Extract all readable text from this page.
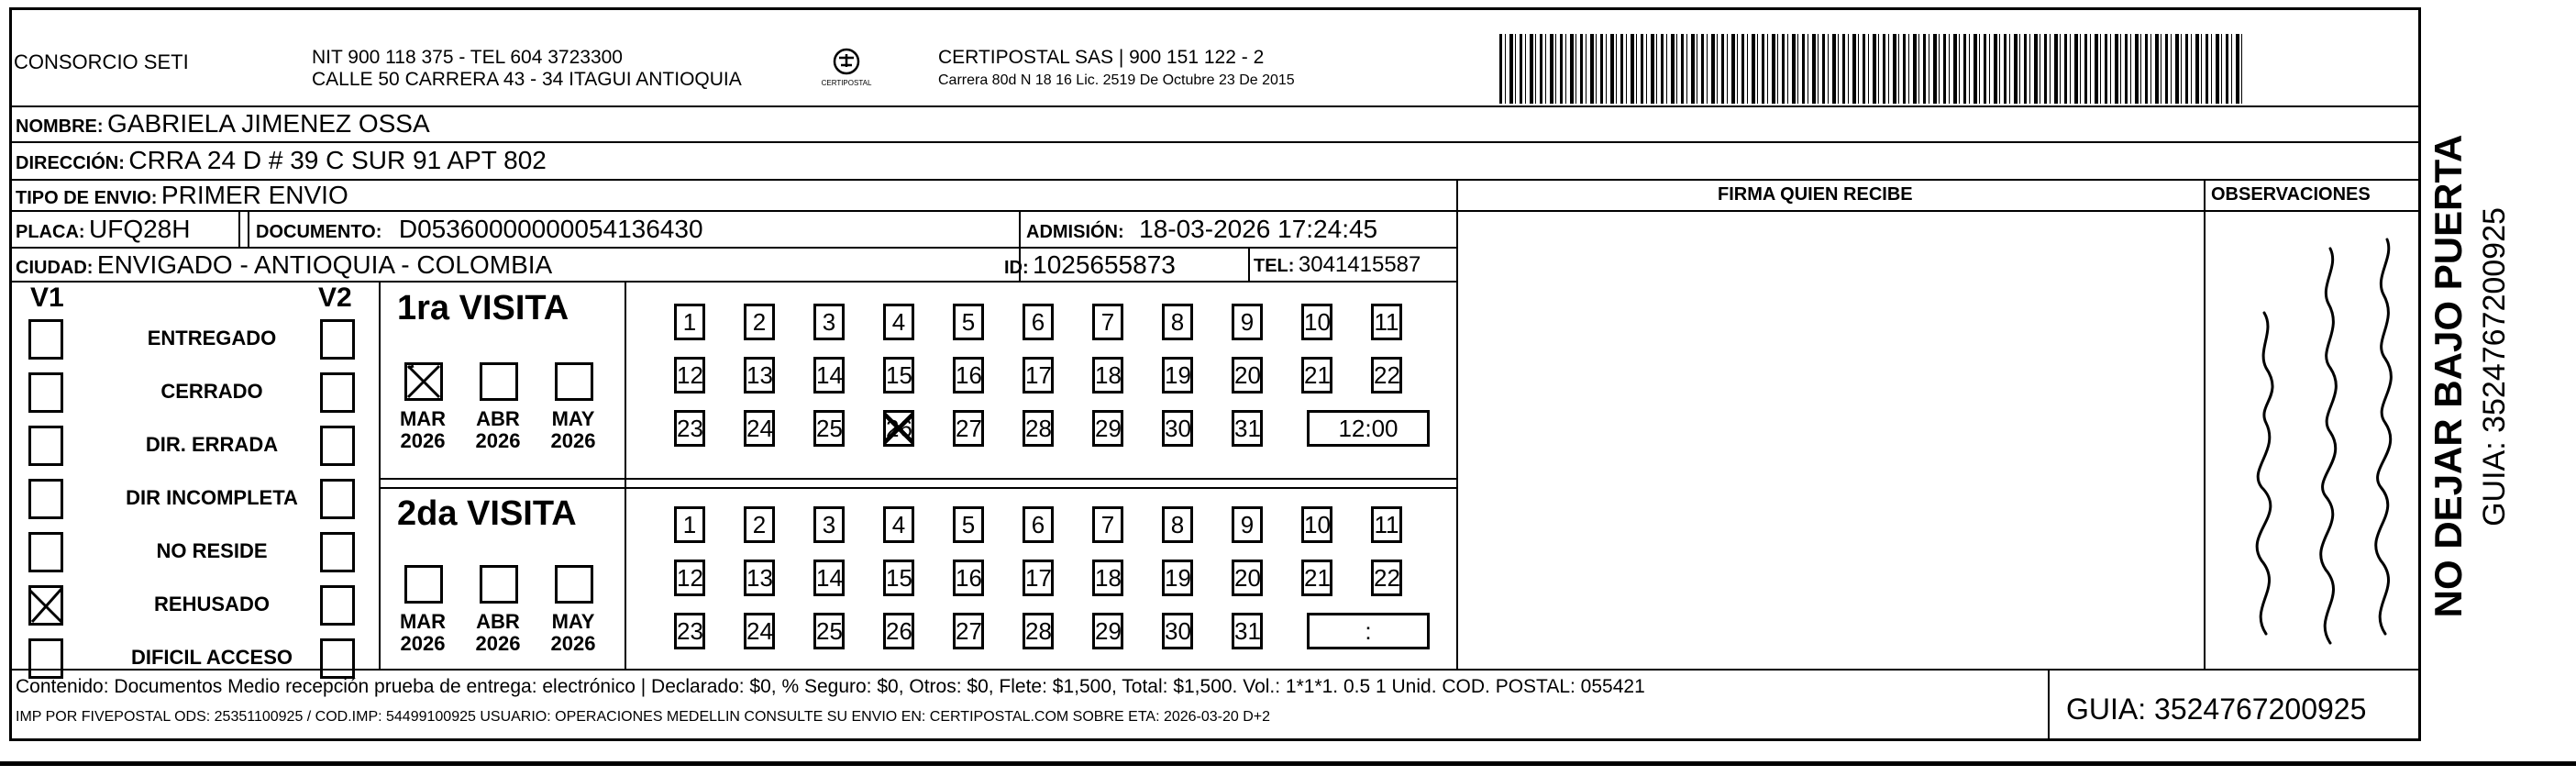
CONSORCIO SETI	NIT 900 118 375 - TEL 604 3723300
CALLE 50 CARRERA 43 - 34 ITAGUI ANTIOQUIA	CERTIPOSTAL
CERTIPOSTAL SAS | 900 151 122 - 2
Carrera 80d N 18 16 Lic. 2519 De Octubre 23 De 2015
NOMBRE: GABRIELA JIMENEZ OSSA
DIRECCIÓN: CRRA 24 D # 39 C SUR 91 APT 802
TIPO DE ENVIO: PRIMER ENVIO
PLACA: UFQ28H	DOCUMENTO: D05360000000054136430	ADMISIÓN: 18-03-2026 17:24:45
CIUDAD: ENVIGADO - ANTIOQUIA - COLOMBIA	ID: 1025655873	TEL: 3041415587
FIRMA QUIEN RECIBE	OBSERVACIONES
V1	V2
ENTREGADO
CERRADO
DIR. ERRADA
DIR INCOMPLETA
NO RESIDE
REHUSADO
DIFICIL ACCESO
1ra VISITA
MAR
2026
ABR
2026
MAY
2026
1	2	3	4	5	6	7	8	9	10 11
12 13 14 15 16 17 18 19 20 21 22
23 24 25 26 27 28 29 30 31	12:00
2da VISITA
MAR
2026
ABR
2026
MAY
2026
1	2	3	4	5	6	7	8	9	10 11
12 13 14 15 16 17 18 19 20 21 22
23 24 25 26 27 28 29 30 31	:
Contenido: Documentos Medio recepción prueba de entrega: electrónico | Declarado: $0, % Seguro: $0, Otros: $0, Flete: $1,500, Total: $1,500. Vol.: 1*1*1. 0.5 1 Unid. COD. POSTAL: 055421
IMP POR FIVEPOSTAL ODS: 25351100925 / COD.IMP: 54499100925 USUARIO: OPERACIONES MEDELLIN CONSULTE SU ENVIO EN: CERTIPOSTAL.COM SOBRE ETA: 2026-03-20 D+2	GUIA: 3524767200925
NO DEJAR BAJO PUERTA GUIA: 3524767200925
